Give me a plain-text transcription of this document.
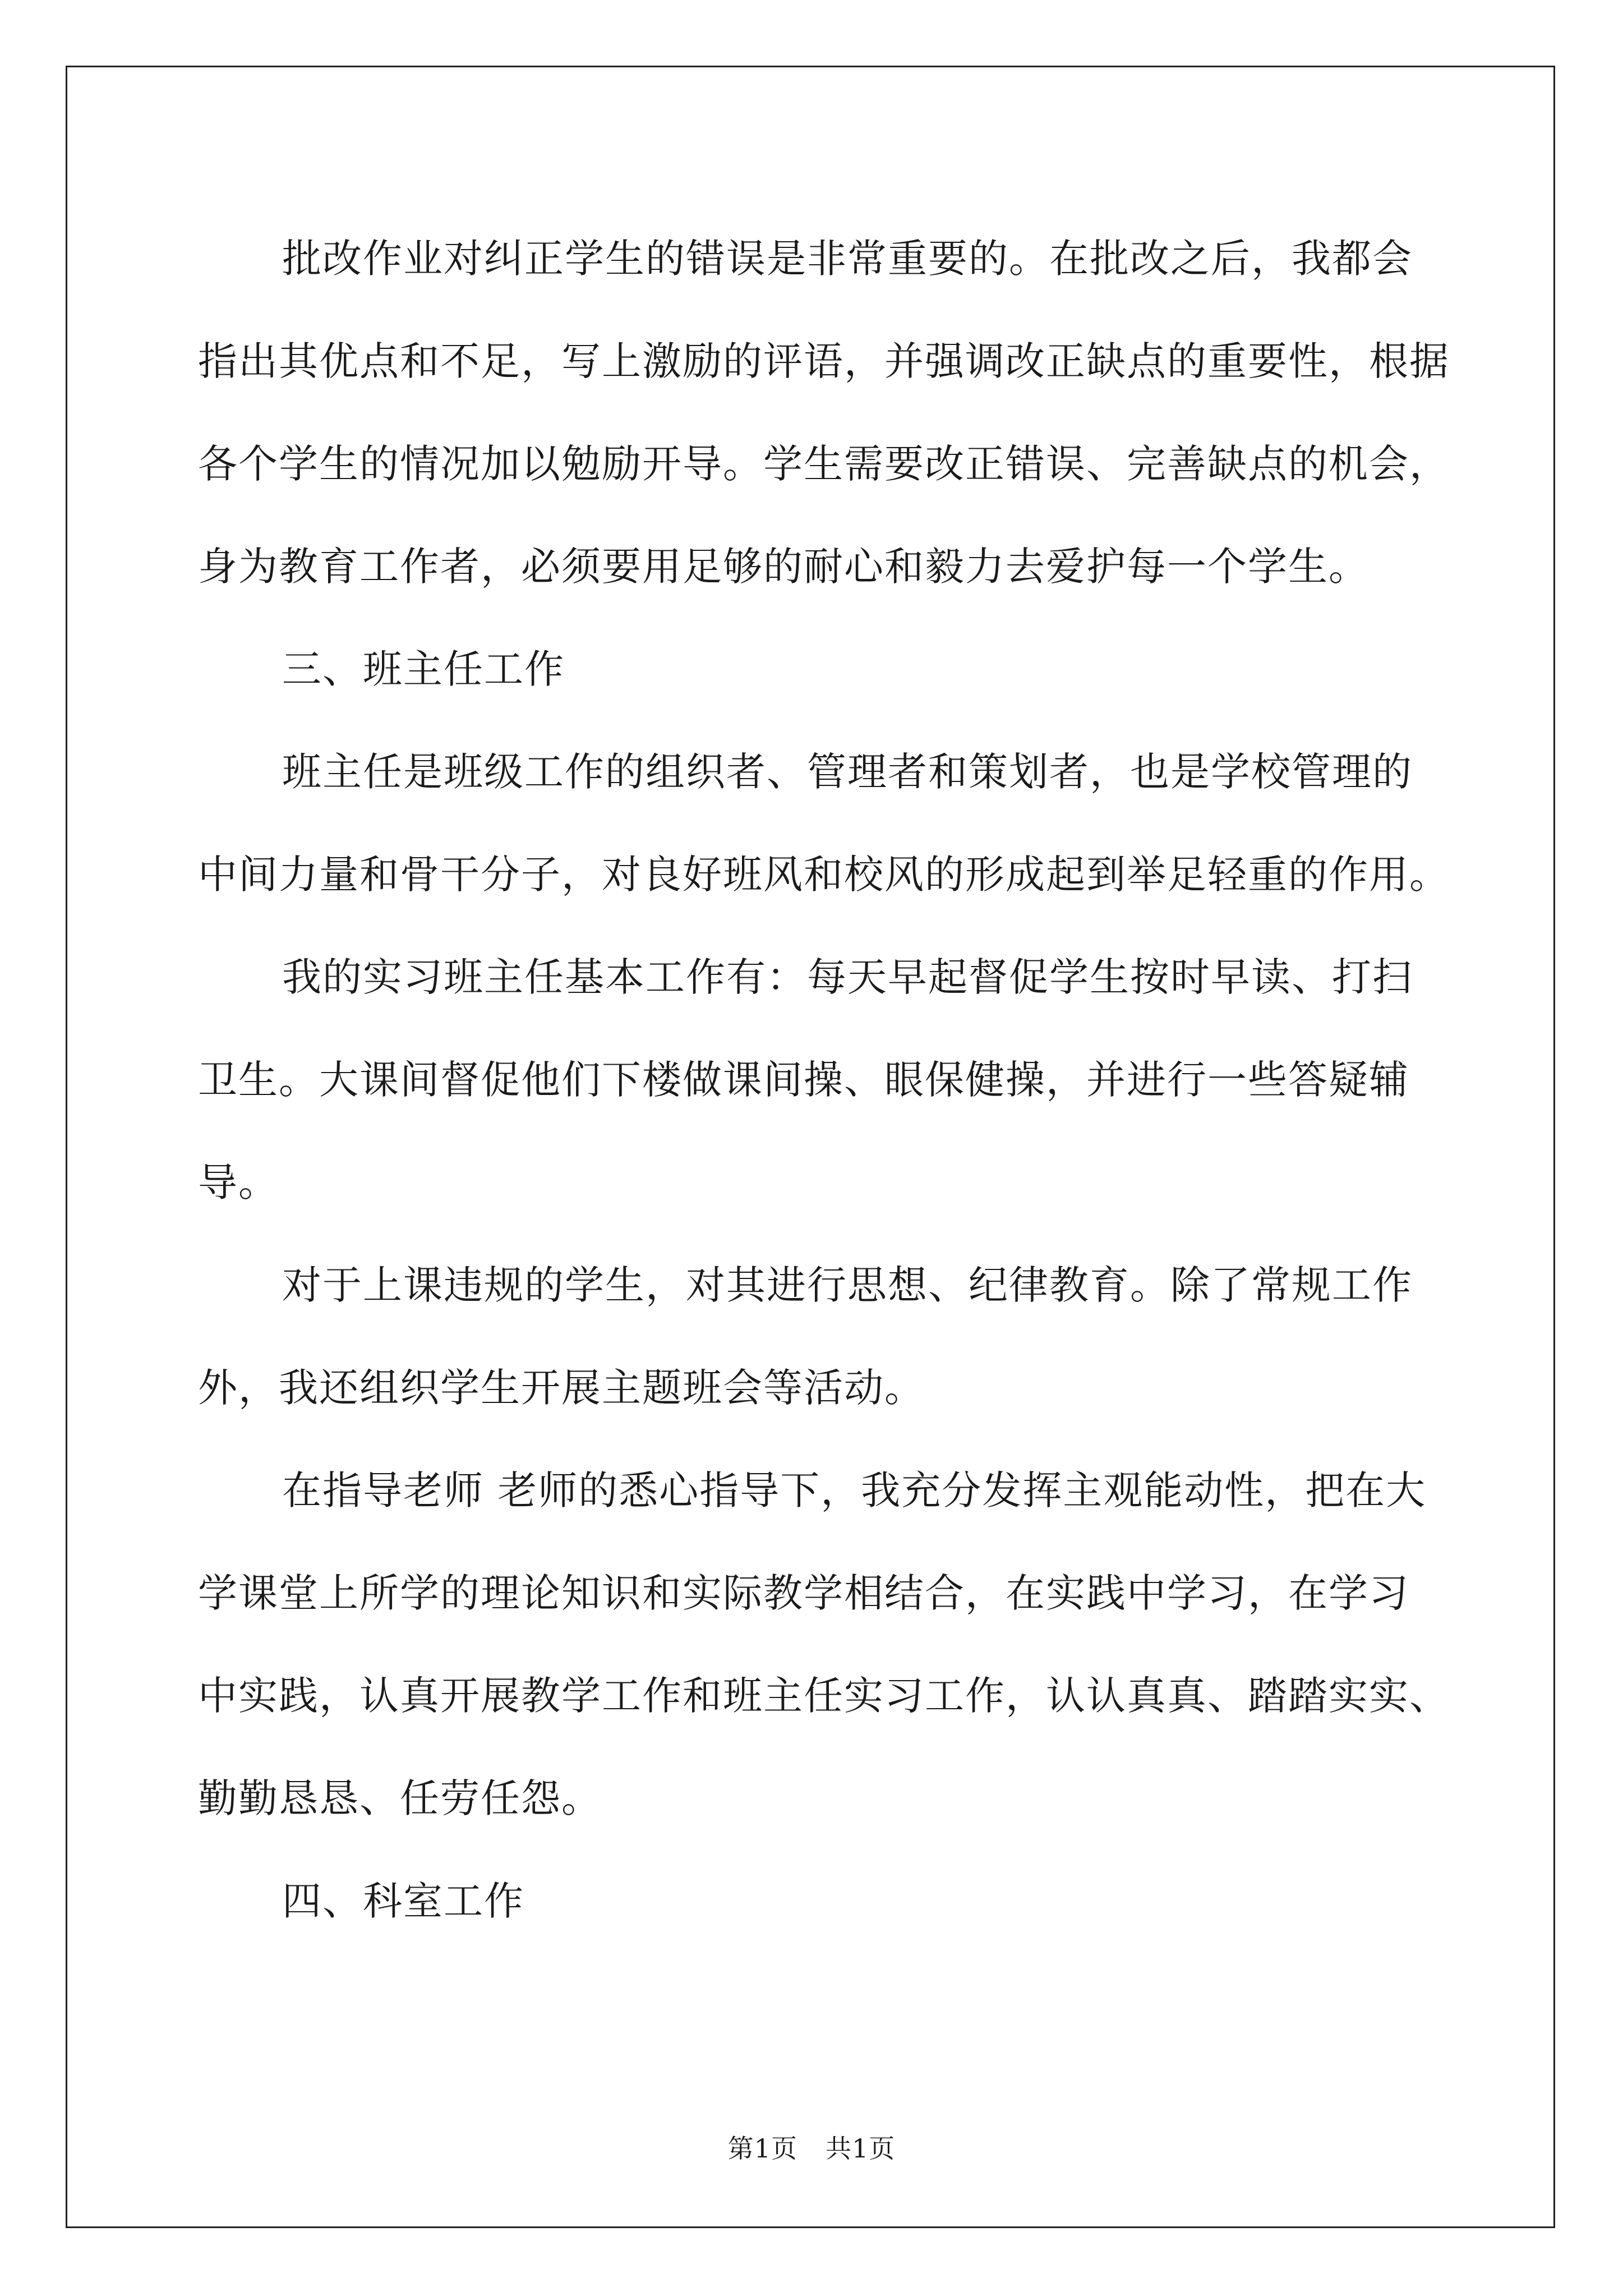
批改作业对纠正学生的错误是非常重要的。在批改之后，我都会
指出其优点和不足，写上激励的评语，并强调改正缺点的重要性，根据
各个学生的情况加以勉励开导。学生需要改正错误、完善缺点的机会，
身为教育工作者，必须要用足够的耐心和毅力去爱护每一个学生。

三、班主任工作

班主任是班级工作的组织者、管理者和策划者，也是学校管理的
中间力量和骨干分子，对良好班风和校风的形成起到举足轻重的作用。

我的实习班主任基本工作有：每天早起督促学生按时早读、打扫
卫生。大课间督促他们下楼做课间操、眼保健操，并进行一些答疑辅
导。

对于上课违规的学生，对其进行思想、纪律教育。除了常规工作
外，我还组织学生开展主题班会等活动。

在指导老师 老师的悉心指导下，我充分发挥主观能动性，把在大
学课堂上所学的理论知识和实际教学相结合，在实践中学习，在学习
中实践，认真开展教学工作和班主任实习工作，认认真真、踏踏实实、
勤勤恳恳、任劳任怨。

四、科室工作

第1页 共1页
